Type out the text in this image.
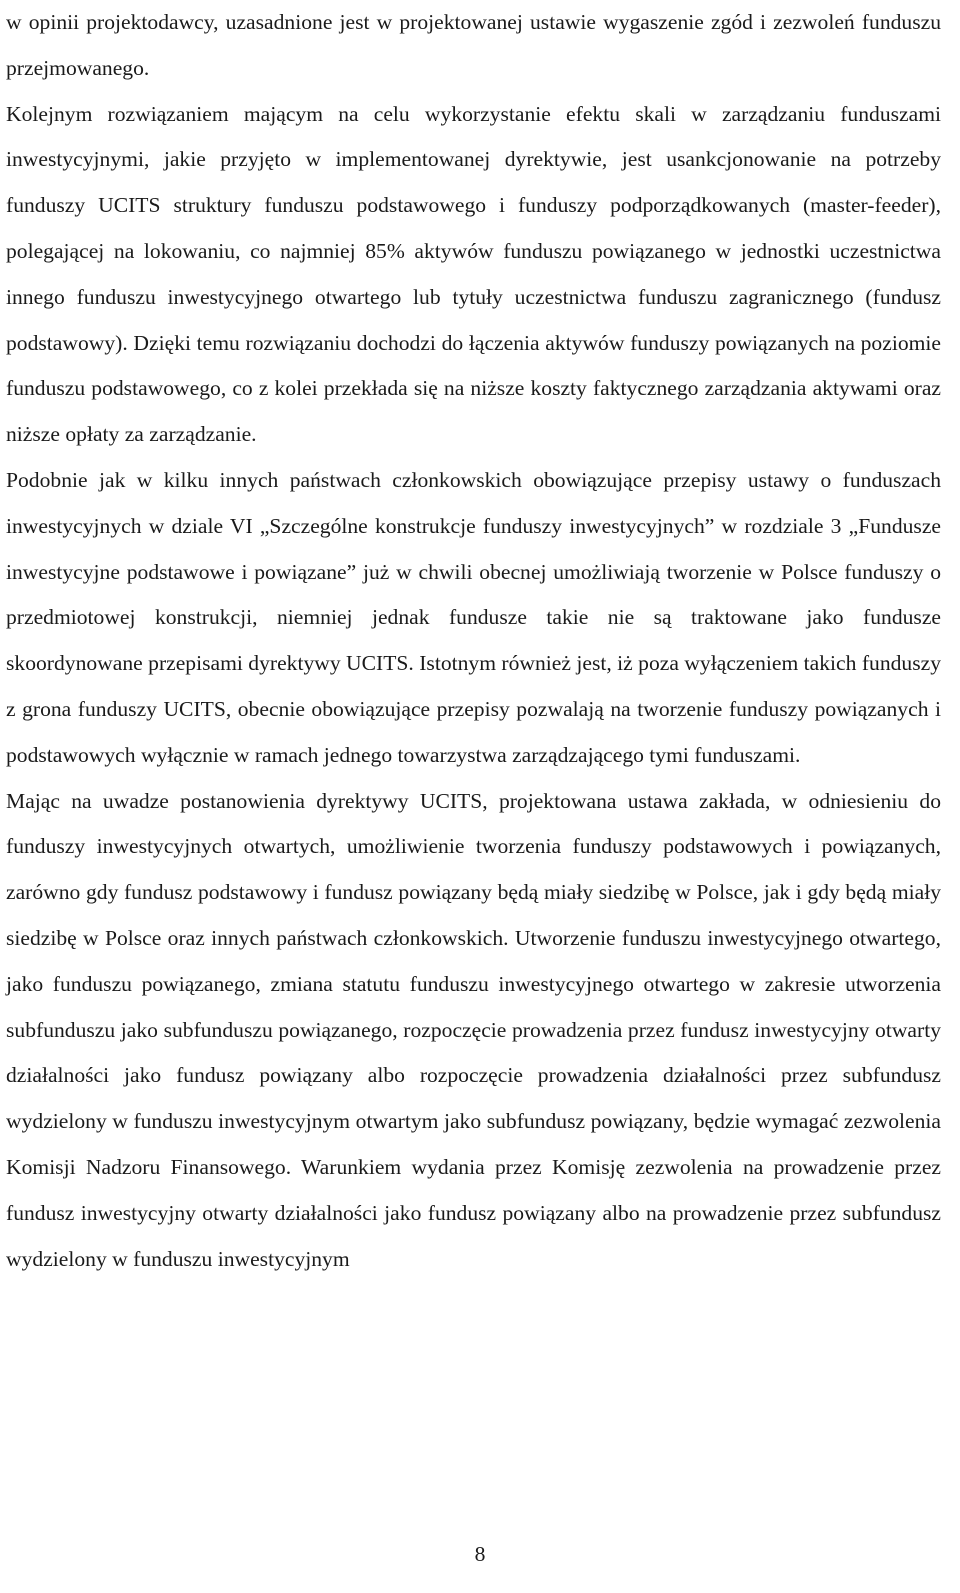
w opinii projektodawcy, uzasadnione jest w projektowanej ustawie wygaszenie zgód i zezwoleń funduszu przejmowanego.

Kolejnym rozwiązaniem mającym na celu wykorzystanie efektu skali w zarządzaniu funduszami inwestycyjnymi, jakie przyjęto w implementowanej dyrektywie, jest usankcjonowanie na potrzeby funduszy UCITS struktury funduszu podstawowego i funduszy podporządkowanych (master-feeder), polegającej na lokowaniu, co najmniej 85% aktywów funduszu powiązanego w jednostki uczestnictwa innego funduszu inwestycyjnego otwartego lub tytuły uczestnictwa funduszu zagranicznego (fundusz podstawowy). Dzięki temu rozwiązaniu dochodzi do łączenia aktywów funduszy powiązanych na poziomie funduszu podstawowego, co z kolei przekłada się na niższe koszty faktycznego zarządzania aktywami oraz niższe opłaty za zarządzanie.

Podobnie jak w kilku innych państwach członkowskich obowiązujące przepisy ustawy o funduszach inwestycyjnych w dziale VI „Szczególne konstrukcje funduszy inwestycyjnych” w rozdziale 3 „Fundusze inwestycyjne podstawowe i powiązane” już w chwili obecnej umożliwiają tworzenie w Polsce funduszy o przedmiotowej konstrukcji, niemniej jednak fundusze takie nie są traktowane jako fundusze skoordynowane przepisami dyrektywy UCITS. Istotnym również jest, iż poza wyłączeniem takich funduszy z grona funduszy UCITS, obecnie obowiązujące przepisy pozwalają na tworzenie funduszy powiązanych i podstawowych wyłącznie w ramach jednego towarzystwa zarządzającego tymi funduszami.

Mając na uwadze postanowienia dyrektywy UCITS, projektowana ustawa zakłada, w odniesieniu do funduszy inwestycyjnych otwartych, umożliwienie tworzenia funduszy podstawowych i powiązanych, zarówno gdy fundusz podstawowy i fundusz powiązany będą miały siedzibę w Polsce, jak i gdy będą miały siedzibę w Polsce oraz innych państwach członkowskich. Utworzenie funduszu inwestycyjnego otwartego, jako funduszu powiązanego, zmiana statutu funduszu inwestycyjnego otwartego w zakresie utworzenia subfunduszu jako subfunduszu powiązanego, rozpoczęcie prowadzenia przez fundusz inwestycyjny otwarty działalności jako fundusz powiązany albo rozpoczęcie prowadzenia działalności przez subfundusz wydzielony w funduszu inwestycyjnym otwartym jako subfundusz powiązany, będzie wymagać zezwolenia Komisji Nadzoru Finansowego. Warunkiem wydania przez Komisję zezwolenia na prowadzenie przez fundusz inwestycyjny otwarty działalności jako fundusz powiązany albo na prowadzenie przez subfundusz wydzielony w funduszu inwestycyjnym

8
